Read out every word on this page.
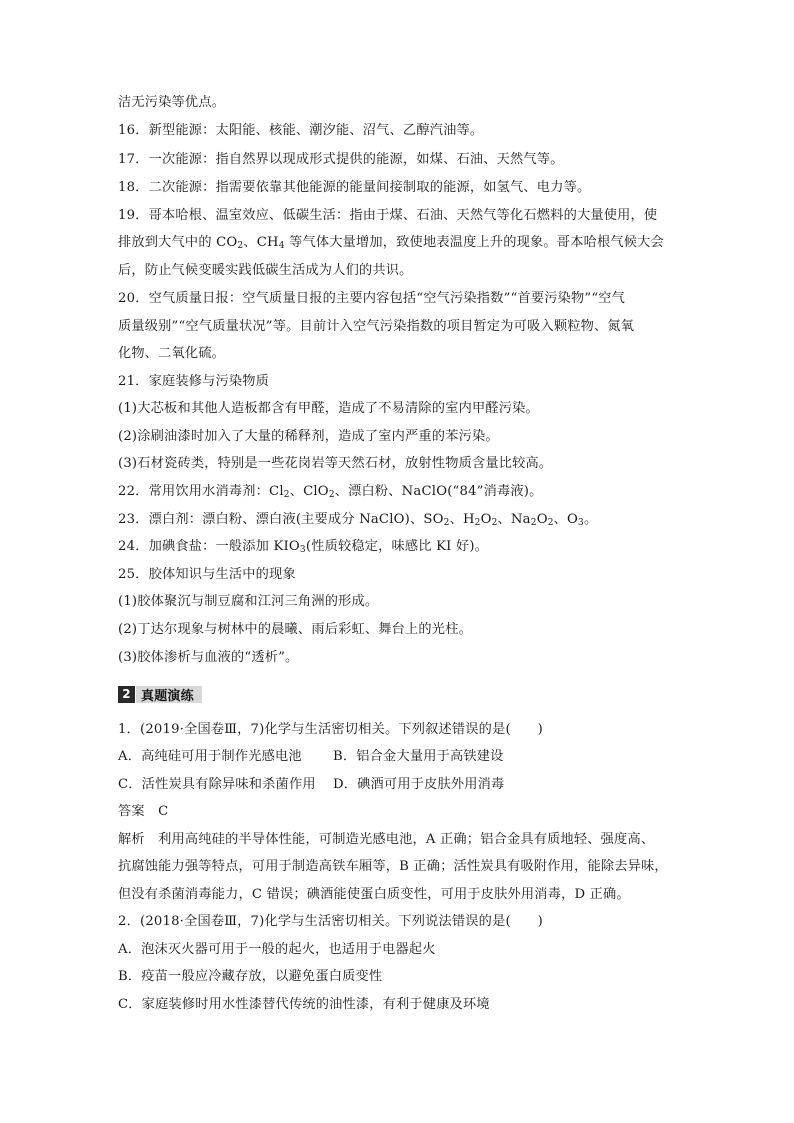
洁无污染等优点。
16．新型能源：太阳能、核能、潮汐能、沼气、乙醇汽油等。
17．一次能源：指自然界以现成形式提供的能源，如煤、石油、天然气等。
18．二次能源：指需要依靠其他能源的能量间接制取的能源，如氢气、电力等。
19．哥本哈根、温室效应、低碳生活：指由于煤、石油、天然气等化石燃料的大量使用，使
排放到大气中的 $CO_2$、$CH_4$ 等气体大量增加，致使地表温度上升的现象。哥本哈根气候大会
后，防止气候变暖实践低碳生活成为人们的共识。
20．空气质量日报：空气质量日报的主要内容包括“空气污染指数”“首要污染物”“空气
质量级别”“空气质量状况”等。目前计入空气污染指数的项目暂定为可吸入颗粒物、氮氧
化物、二氧化硫。
21．家庭装修与污染物质
(1)大芯板和其他人造板都含有甲醛，造成了不易清除的室内甲醛污染。
(2)涂刷油漆时加入了大量的稀释剂，造成了室内严重的苯污染。
(3)石材瓷砖类，特别是一些花岗岩等天然石材，放射性物质含量比较高。
22．常用饮用水消毒剂：$Cl_2$、ClO$_2$、漂白粉、NaClO(“84”消毒液)。
23．漂白剂：漂白粉、漂白液(主要成分 NaClO)、$SO_2$、$H_2O_2$、$Na_2O_2$、$O_3$。
24．加碘食盐：一般添加 $KIO_3$(性质较稳定，味感比 KI 好)。
25．胶体知识与生活中的现象
(1)胶体聚沉与制豆腐和江河三角洲的形成。
(2)丁达尔现象与树林中的晨曦、雨后彩虹、舞台上的光柱。
(3)胶体渗析与血液的“透析”。
2 真题演练
1．(2019·全国卷Ⅲ，7)化学与生活密切相关。下列叙述错误的是(　　)
A．高纯硅可用于制作光感电池 B．铝合金大量用于高铁建设
C．活性炭具有除异味和杀菌作用 D．碘酒可用于皮肤外用消毒
答案　C
解析　利用高纯硅的半导体性能，可制造光感电池，A 正确；铝合金具有质地轻、强度高、
抗腐蚀能力强等特点，可用于制造高铁车厢等，B 正确；活性炭具有吸附作用，能除去异味，
但没有杀菌消毒能力，C 错误；碘酒能使蛋白质变性，可用于皮肤外用消毒，D 正确。
2．(2018·全国卷Ⅲ，7)化学与生活密切相关。下列说法错误的是(　　)
A．泡沫灭火器可用于一般的起火，也适用于电器起火
B．疫苗一般应冷藏存放，以避免蛋白质变性
C．家庭装修时用水性漆替代传统的油性漆，有利于健康及环境
